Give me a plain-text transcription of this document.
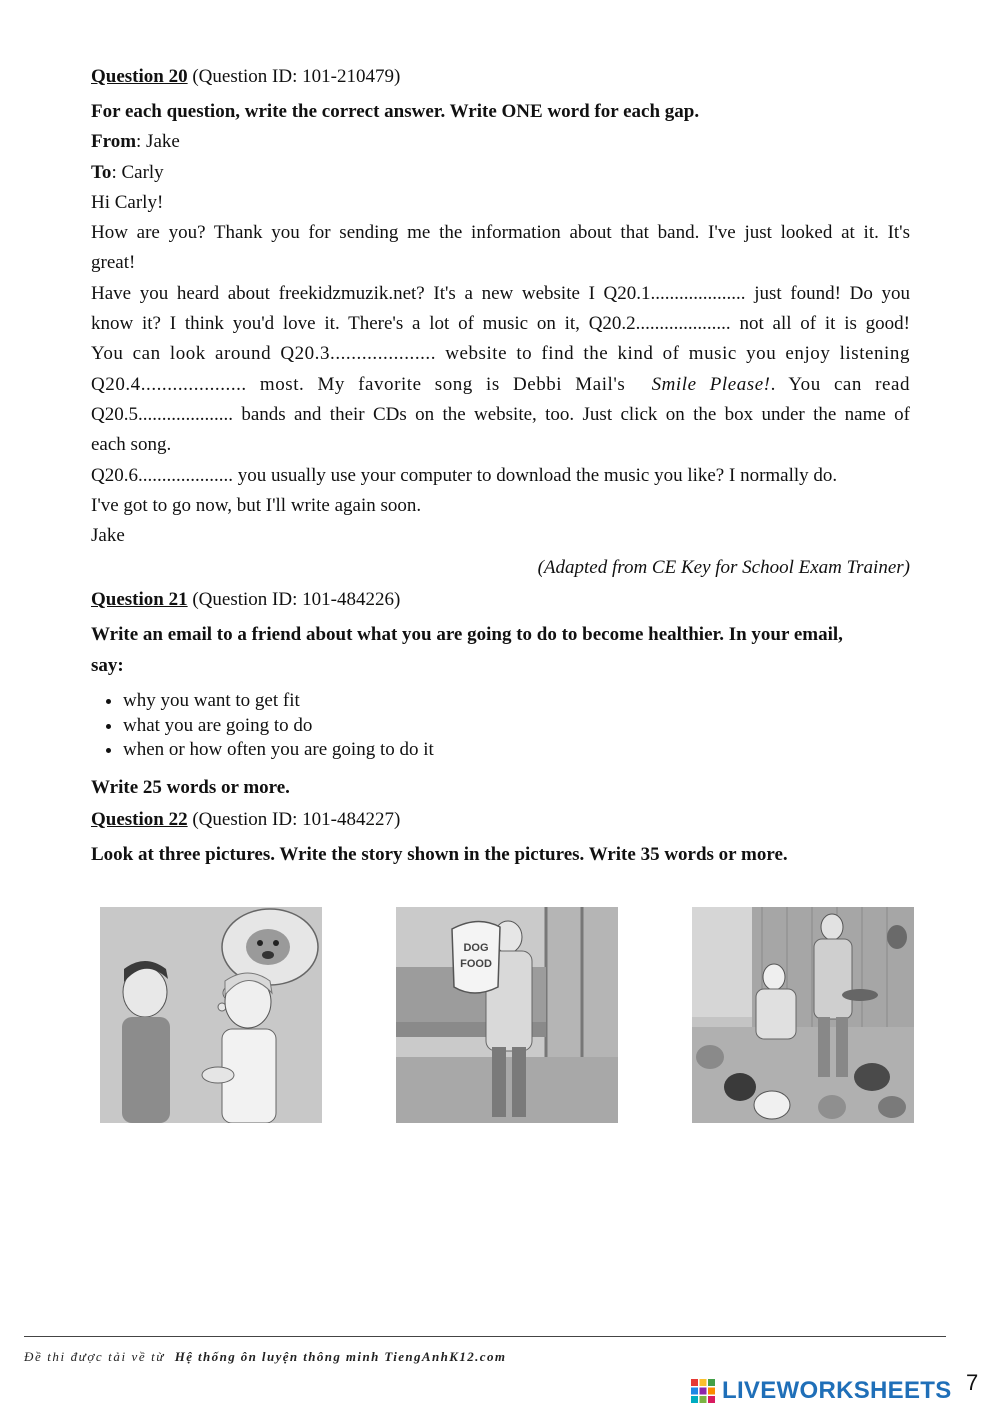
Question 20 (Question ID: 101-210479)

For each question, write the correct answer. Write ONE word for each gap.

From: Jake

To: Carly

Hi Carly!

How are you? Thank you for sending me the information about that band. I've just looked at it. It's

great!

Have you heard about freekidzmuzik.net? It's a new website I Q20.1.................... just found! Do you

know it? I think you'd love it. There's a lot of music on it, Q20.2.................... not all of it is good!

You can look around Q20.3.................... website to find the kind of music you enjoy listening

Q20.4.................... most. My favorite song is Debbi Mail's Smile Please!. You can read

Q20.5.................... bands and their CDs on the website, too. Just click on the box under the name of

each song.

Q20.6.................... you usually use your computer to download the music you like? I normally do.

I've got to go now, but I'll write again soon.

Jake

(Adapted from CE Key for School Exam Trainer)

Question 21 (Question ID: 101-484226)

Write an email to a friend about what you are going to do to become healthier. In your email,

say:

• why you want to get fit
• what you are going to do
• when or how often you are going to do it

Write 25 words or more.

Question 22 (Question ID: 101-484227)

Look at three pictures. Write the story shown in the pictures. Write 35 words or more.

DOG
FOOD
Đề thi được tải về từ Hệ thống ôn luyện thông minh TiengAnhK12.com
LIVEWORKSHEETS 7
